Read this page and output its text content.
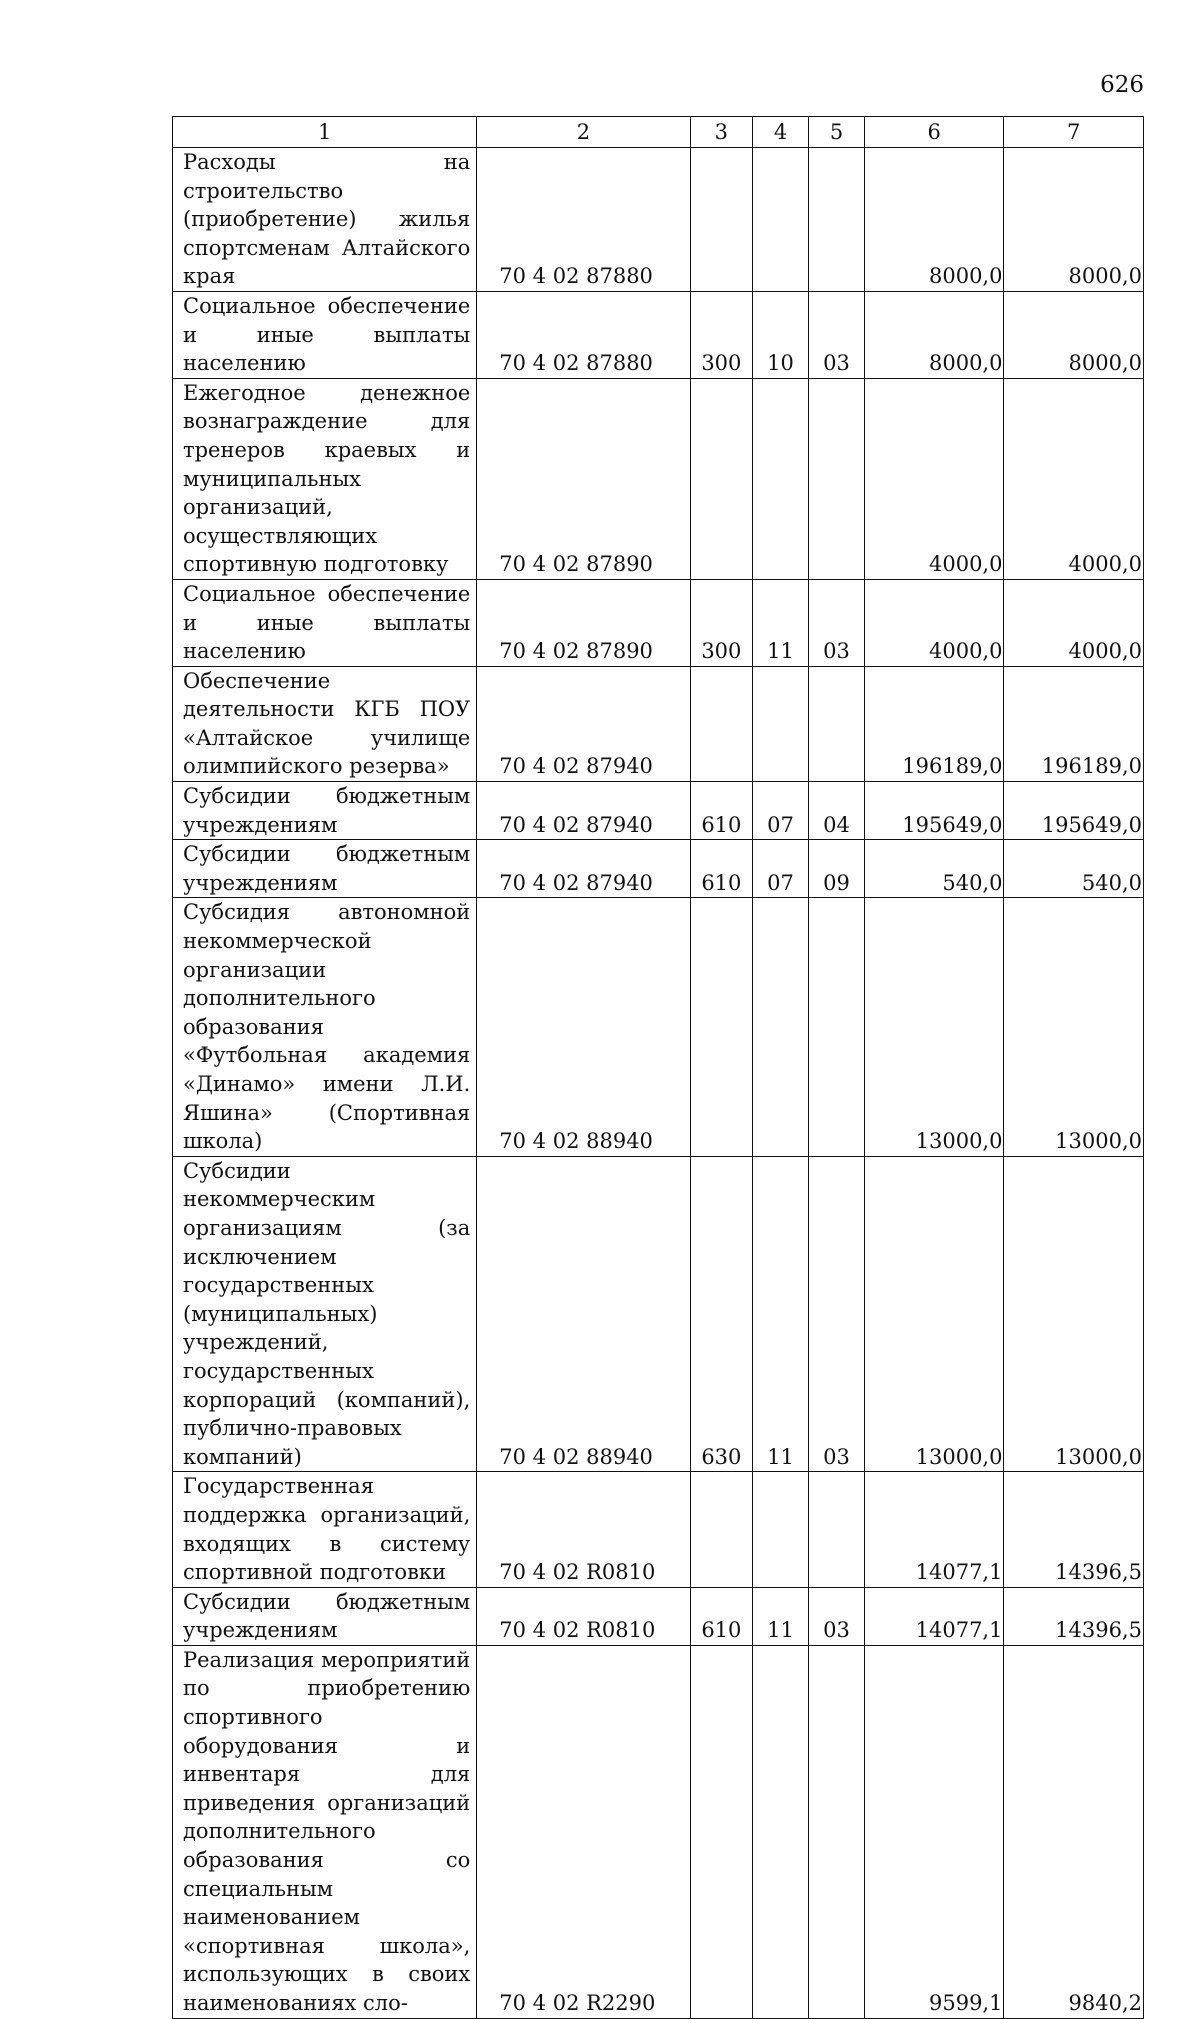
626
1	2	3	4	5	6	7
Расходы на строительство (приобретение) жилья спортсменам Алтайского края	70 4 02 87880				8000,0	8000,0
Социальное обеспечение и иные выплаты населению	70 4 02 87880	300	10	03	8000,0	8000,0
Ежегодное денежное вознаграждение для тренеров краевых и муниципальных организаций, осуществляющих спортивную подготовку	70 4 02 87890				4000,0	4000,0
Социальное обеспечение и иные выплаты населению	70 4 02 87890	300	11	03	4000,0	4000,0
Обеспечение деятельности КГБ ПОУ «Алтайское училище олимпийского резерва»	70 4 02 87940				196189,0	196189,0
Субсидии бюджетным учреждениям	70 4 02 87940	610	07	04	195649,0	195649,0
Субсидии бюджетным учреждениям	70 4 02 87940	610	07	09	540,0	540,0
Субсидия автономной некоммерческой организации дополнительного образования «Футбольная академия «Динамо» имени Л.И. Яшина» (Спортивная школа)	70 4 02 88940				13000,0	13000,0
Субсидии некоммерческим организациям (за исключением государственных (муниципальных) учреждений, государственных корпораций (компаний), публично-правовых компаний)	70 4 02 88940	630	11	03	13000,0	13000,0
Государственная поддержка организаций, входящих в систему спортивной подготовки	70 4 02 R0810				14077,1	14396,5
Субсидии бюджетным учреждениям	70 4 02 R0810	610	11	03	14077,1	14396,5
Реализация мероприятий по приобретению спортивного оборудования и инвентаря для приведения организаций дополнительного образования со специальным наименованием «спортивная школа», использующих в своих наименованиях сло-	70 4 02 R2290				9599,1	9840,2
